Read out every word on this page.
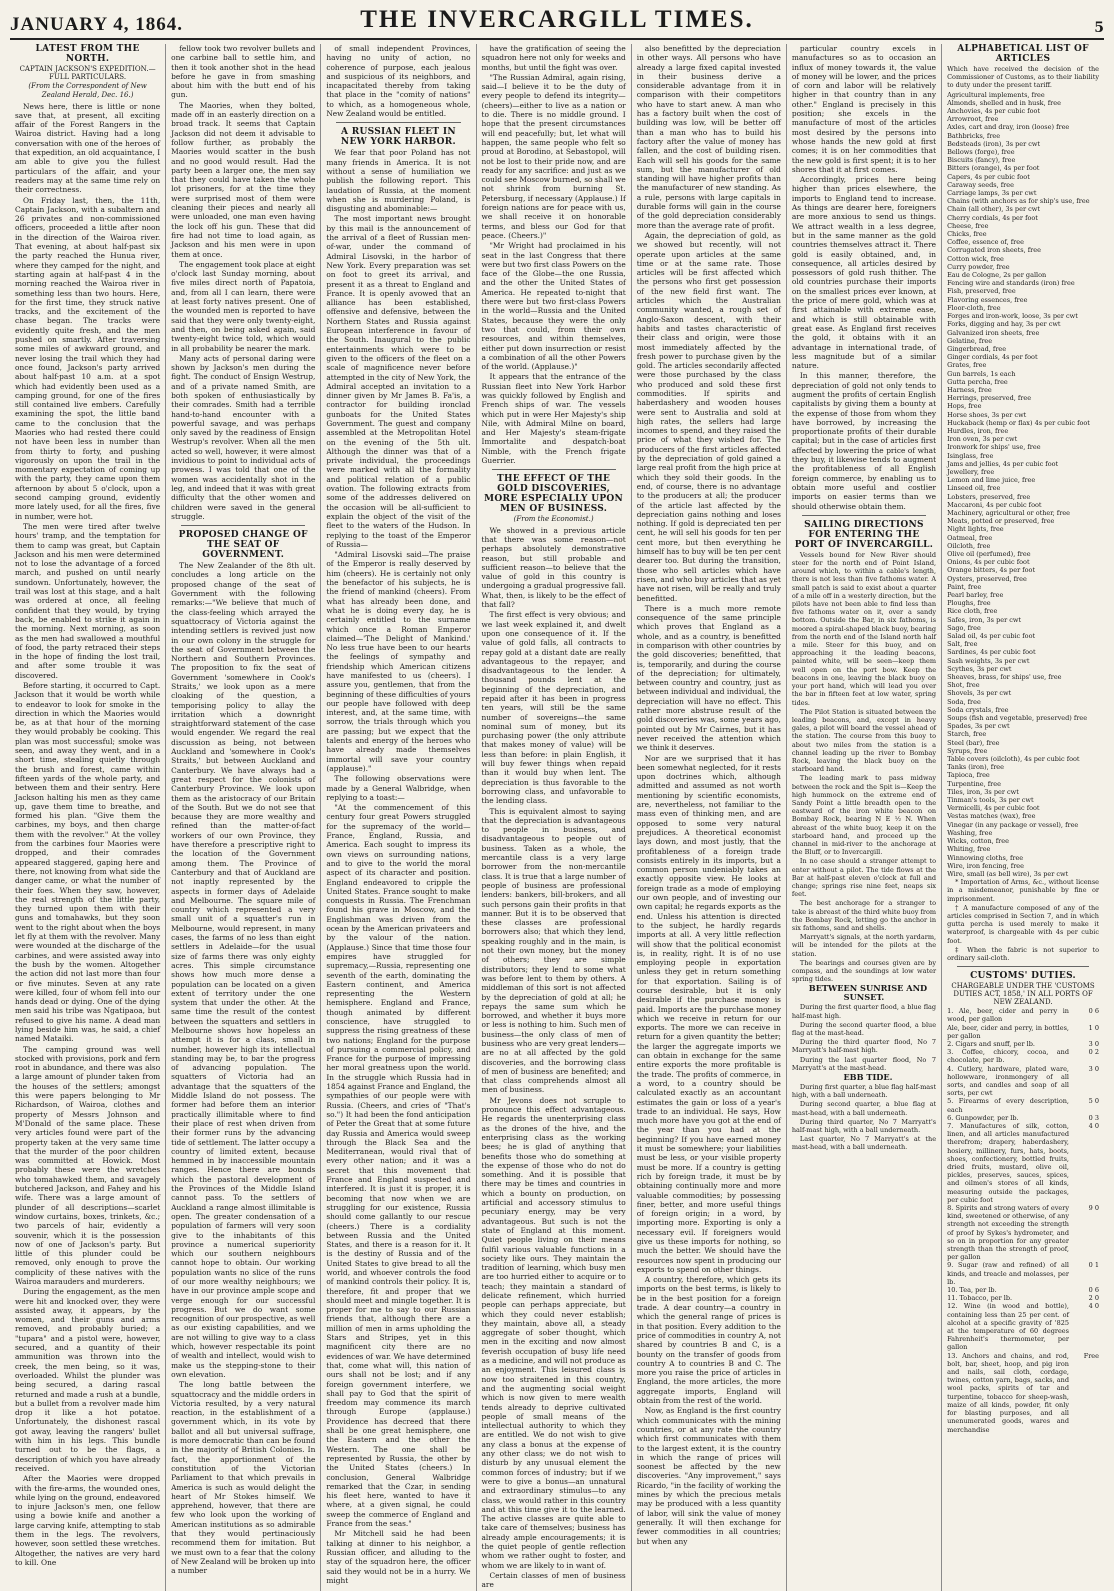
JANUARY 4, 1864.	THE INVERCARGILL TIMES.	5

LATEST FROM THE NORTH.

CAPTAIN JACKSON'S EXPEDITION.—FULL PARTICULARS.

(From the Correspondent of New Zealand Herald, Dec. 16.)

News here, there is little or none save that, at present, all exciting affair of the Forest Rangers in the Wairoa district. Having had a long conversation with one of the heroes of that expedition, an old acquaintance, I am able to give you the fullest particulars of the affair, and your readers may at the same time rely on their correctness.

On Friday last, then, the 11th, Captain Jackson, with a subaltern and 26 privates and non-commissioned officers, proceeded a little after noon in the direction of the Wairoa river. That evening, at about half-past six the party reached the Hunua river, where they camped for the night, and starting again at half-past 4 in the morning reached the Wairoa river in something less than two hours. Here, for the first time, they struck native tracks, and the excitement of the chase began. The tracks were evidently quite fresh, and the men pushed on smartly. After traversing some miles of awkward ground, and never losing the trail which they had once found, Jackson's party arrived about half-past 10 a.m. at a spot which had evidently been used as a camping ground, for one of the fires still contained live embers. Carefully examining the spot, the little band came to the conclusion that the Maories who had rested there could not have been less in number than from thirty to forty, and pushing vigorously on upon the trail in the momentary expectation of coming up with the party, they came upon them afternoon by about 5 o'clock, upon a second camping ground, evidently more lately used, for all the fires, five in number, were hot.

The men were tired after twelve hours' tramp, and the temptation for them to camp was great, but Captain Jackson and his men were determined not to lose the advantage of a forced march, and pushed on until nearly sundown. Unfortunately, however, the trail was lost at this stage, and a halt was ordered at once, all feeling confident that they would, by trying back, be enabled to strike it again in the morning. Next morning, as soon as the men had swallowed a mouthful of food, the party retraced their steps in the hope of finding the lost trail, and after some trouble it was discovered.

Before starting, it occurred to Capt. Jackson that it would be worth while to endeavor to look for smoke in the direction in which the Maories would be, as at that hour of the morning they would probably be cooking. This plan was most successful; smoke was seen, and away they went, and in a short time, stealing quietly through the brush and forest, came within fifteen yards of the whole party, and between them and their sentry. Here Jackson halting his men as they came up, gave them time to breathe, and formed his plan. "Give them the carbines, my boys, and then charge them with the revolver." At the volley from the carbines four Maories were dropped, and their comrades appeared staggered, gaping here and there, not knowing from what side the danger came, or what the number of their foes. When they saw, however, the real strength of the little party, they turned upon them with their guns and tomahawks, but they soon went to the right about when the boys let fly at them with the revolver. Many were wounded at the discharge of the carbines, and were assisted away into the bush by the women. Altogether the action did not last more than four or five minutes. Seven at any rate were killed, four of whom fell into our hands dead or dying. One of the dying men said his tribe was Ngatipaoa, but refused to give his name. A dead man lying beside him was, he said, a chief named Mataiki.

The camping ground was well stocked with provisions, pork and fern root in abundance, and there was also a large amount of plunder taken from the houses of the settlers; amongst this were papers belonging to Mr Richardson, of Wairoa, clothes and property of Messrs Johnson and M'Donald of the same place. These very articles found were part of the property taken at the very same time that the murder of the poor children was committed at Howick. Most probably these were the wretches who tomahawked them, and savagely butchered Jackson, and Fahey and his wife. There was a large amount of plunder of all descriptions—scarlet window curtains, boxes, trinkets, &c.; two parcels of hair, evidently a souvenir, which it is the possession now of one of Jackson's party. But little of this plunder could be removed, only enough to prove the complicity of these natives with the Wairoa marauders and murderers.

During the engagement, as the men were hit and knocked over, they were assisted away, it appears, by the women, and their guns and arms removed, and probably buried; a "tupara" and a pistol were, however, secured, and a quantity of their ammunition was thrown into the creek, the men being, so it was, overloaded. Whilst the plunder was being secured, a daring rascal returned and made a rush at a bundle, but a bullet from a revolver made him drop it like a hot potatoe. Unfortunately, the dishonest rascal got away, leaving the rangers' bullet with him in his legs. This bundle turned out to be the flags, a description of which you have already received.

After the Maories were dropped with the fire-arms, the wounded ones, while lying on the ground, endeavored to injure Jackson's men, one fellow using a bowie knife and another a large carving knife, attempting to stab them in the legs. The revolvers, however, soon settled these wretches. Altogether, the natives are very hard to kill. One

fellow took two revolver bullets and one carbine ball to settle him, and then it took another shot in the head before he gave in from smashing about him with the butt end of his gun.

The Maories, when they bolted, made off in an easterly direction on a broad track. It seems that Captain Jackson did not deem it advisable to follow further, as probably the Maories would scatter in the bush and no good would result. Had the party been a larger one, the men say that they could have taken the whole lot prisoners, for at the time they were surprised most of them were cleaning their pieces and nearly all were unloaded, one man even having the lock off his gun. These that did fire had not time to load again, as Jackson and his men were in upon them at once.

The engagement took place at eight o'clock last Sunday morning, about five miles direct north of Papatoia, and, from all I can learn, there were at least forty natives present. One of the wounded men is reported to have said that they were only twenty-eight, and then, on being asked again, said twenty-eight twice told, which would in all probability be nearer the mark.

Many acts of personal daring were shown by Jackson's men during the fight. The conduct of Ensign Westrup, and of a private named Smith, are both spoken of enthusiastically by their comrades. Smith had a terrible hand-to-hand encounter with a powerful savage, and was perhaps only saved by the readiness of Ensign Westrup's revolver. When all the men acted so well, however, it were almost invidious to point to individual acts of prowess. I was told that one of the women was accidentally shot in the leg, and indeed that it was with great difficulty that the other women and children were saved in the general struggle.

PROPOSED CHANGE OF THE SEAT OF GOVERNMENT.

The New Zealander of the 8th ult. concludes a long article on the proposed change of the seat of Government with the following remarks:—"We believe that much of the class-feeling which arrayed the squattocracy of Victoria against the intending settlers is revived just now in our own colony in the struggle for the seat of Government between the Northern and Southern Provinces. The proposition to fix the seat of Government 'somewhere in Cook's Straits,' we look upon as a mere cloaking of the question, a temporising policy to allay the irritation which a downright straightforward statement of the case would engender. We regard the real discussion as being, not between Auckland and 'somewhere in Cook's Straits,' but between Auckland and Canterbury. We have always had a great respect for the colonists of Canterbury Province. We look upon them as the aristocracy of our Britain of the South. But we do not see that because they are more wealthy and refined than the matter-of-fact workers of our own Province, they have therefore a prescriptive right to the location of the Government among them. The Province of Canterbury and that of Auckland are not inaptly represented by the aspects in former days of Adelaide and Melbourne. The square mile of country which represented a very small unit of a squatter's run in Melbourne, would represent, in many cases, the farms of no less than eight settlers in Adelaide—for the usual size of farms there was only eighty acres. This simple circumstance shows how much more dense a population can be located on a given extent of territory under the one system that under the other. At the same time the result of the contest between the squatters and settlers in Melbourne shows how hopeless an attempt it is for a class, small in number, however high its intellectual standing may be, to bar the progress of advancing population. The squatters of Victoria had an advantage that the squatters of the Middle Island do not possess. The former had before them an interior practically illimitable where to find their place of rest when driven from their former runs by the advancing tide of settlement. The latter occupy a country of limited extent, because hemmed in by inaccessible mountain ranges. Hence there are bounds which the pastoral development of the Provinces of the Middle Island cannot pass. To the settlers of Auckland a range almost illimitable is open. The greater condensation of a population of farmers will very soon give to the inhabitants of this province a numerical superiority which our southern neighbours cannot hope to obtain. Our working population wants no slice of the runs of our more wealthy neighbours; we have in our province ample scope and verge enough for our successful progress. But we do want some recognition of our prospective, as well as our existing capabilities, and we are not willing to give way to a class which, however respectable its point of wealth and intellect, would wish to make us the stepping-stone to their own elevation.

The long battle between the squattocracy and the middle orders in Victoria resulted, by a very natural reaction, in the establishment of a government which, in its vote by ballot and all but universal suffrage, is more democratic than can be found in the majority of British Colonies. In fact, the apportionment of the constitution of the Victorian Parliament to that which prevails in America is such as would delight the heart of Mr Stokes himself. We apprehend, however, that there are few who look upon the working of American institutions as so admirable that they would pertinaciously recommend them for imitation. But we must own to a fear that the colony of New Zealand will be broken up into a number

of small independent Provinces, having no unity of action, no coherence of purpose, each jealous and suspicious of its neighbors, and incapacitated thereby from taking that place in the "comity of nations" to which, as a homogeneous whole, New Zealand would be entitled.

A RUSSIAN FLEET IN NEW YORK HARBOR.

We fear that poor Poland has not many friends in America. It is not without a sense of humiliation we publish the following report. This laudation of Russia, at the moment when she is murdering Poland, is disgusting and abominable:—

The most important news brought by this mail is the announcement of the arrival of a fleet of Russian men-of-war, under the command of Admiral Lisovski, in the harbor of New York. Every preparation was set on foot to greet its arrival, and present it as a threat to England and France. It is openly avowed that an alliance has been established, offensive and defensive, between the Northern States and Russia against European interference in favour of the South. Inaugural to the public entertainments which were to be given to the officers of the fleet on a scale of magnificence never before attempted in the city of New York, the Admiral accepted an invitation to a dinner given by Mr James B. Fa'is, a contractor for building ironclad gunboats for the United States Government. The guest and company assembled at the Metropolitan Hotel on the evening of the 5th ult. Although the dinner was that of a private individual, the proceedings were marked with all the formality and political relation of a public ovation. The following extracts from some of the addresses delivered on the occasion will be all-sufficient to explain the object of the visit of the fleet to the waters of the Hudson. In replying to the toast of the Emperor of Russia—

"Admiral Lisovski said—The praise of the Emperor is really deserved by him (cheers). He is certainly not only the benefactor of his subjects, he is the friend of mankind (cheers). From what has already been done, and what he is doing every day, he is certainly entitled to the surname which once a Roman Emperor claimed—'The Delight of Mankind.' No less true have been to our hearts the feelings of sympathy and friendship which American citizens have manifested to us (cheers). I assure you, gentlemen, that from the beginning of these difficulties of yours our people have followed with deep interest, and, at the same time, with sorrow, the trials through which you are passing; but we expect that the talents and energy of the heroes who have already made themselves immortal will save your country (applause)."

The following observations were made by a General Walbridge, when replying to a toast:—

"At the commencement of this century four great Powers struggled for the supremacy of the world—France, England, Russia, and America. Each sought to impress its own views on surrounding nations, and to give to the world the moral aspect of its character and position. England endeavored to cripple the United States. France sought to make conquests in Russia. The Frenchman found his grave in Moscow, and the Englishman was driven from the ocean by the American privateers and by the valour of the nation. (Applause.) Since that time those four empires have struggled for supremacy,—Russia, representing one seventh of the earth, dominating the Eastern continent, and America representing the Western hemisphere. England and France, though animated by different conscience, have struggled to suppress the rising greatness of these two nations; England for the purpose of pursuing a commercial policy, and France for the purpose of impressing her moral greatness upon the world. In the struggle which Russia had in 1854 against France and England, the sympathies of our people were with Russia. (Cheers, and cries of "That's so.") It had been the fond anticipation of Peter the Great that at some future day Russia and America would sweep through the Black Sea and the Mediterranean, would rival that of every other nation; and it was a secret that this movement that France and England suspected and interfered. It is just it is proper, it is becoming that now when we are struggling for our existence, Russia should come gallantly to our rescue (cheers.) There is a cordiality between Russia and the United States, and there is a reason for it. It is the destiny of Russia and of the United States to give bread to all the world, and whoever controls the food of mankind controls their policy. It is, therefore, fit and proper that we should meet and mingle together. It is proper for me to say to our Russian friends that, although there are a million of men in arms upholding the Stars and Stripes, yet in this magnificent city there are no evidences of war. We have determined that, come what will, this nation of ours shall not be lost; and if any foreign government interfere, we shall pay to God that the spirit of freedom may commence its march through Europe (applause.) Providence has decreed that there shall be one great hemisphere, one the Eastern and the other the Western. The one shall be represented by Russia, the other by the United States (cheers.) In conclusion, General Walbridge remarked that the Czar, in sending his fleet here, wanted to have it where, at a given signal, he could sweep the commerce of England and France from the seas."

Mr Mitchell said he had been talking at dinner to his neighbor, a Russian officer, and alluding to the stay of the squadron here, the officer said they would not be in a hurry. We might

have the gratification of seeing the squadron here not only for weeks and months, but until the fight was over.

"The Russian Admiral, again rising, said—I believe it to be the duty of every people to defend its integrity—(cheers)—either to live as a nation or to die. There is no middle ground. I hope that the present circumstances will end peacefully; but, let what will happen, the same people who felt so proud at Borodino, at Sebastopol, will not be lost to their pride now, and are ready for any sacrifice: and just as we could see Moscow burned, so shall we not shrink from burning St. Petersburg, if necessary (Applause.) If foreign nations are for peace with us, we shall receive it on honorable terms, and bless our God for that peace. (Cheers.)"

"Mr Wright had proclaimed in his seat in the last Congress that there were but two first class Powers on the face of the Globe—the one Russia, and the other the United States of America. He repeated to-night that there were but two first-class Powers in the world—Russia and the United States, because they were the only two that could, from their own resources, and within themselves, either put down insurrection or resist a combination of all the other Powers of the world. (Applause.)"

It appears that the entrance of the Russian fleet into New York Harbor was quickly followed by English and French ships of war. The vessels which put in were Her Majesty's ship Nile, with Admiral Milne on board, and Her Majesty's steam-frigate Immortalite and despatch-boat Nimble, with the French frigate Guerrier.

THE EFFECT OF THE GOLD DISCOVERIES, MORE ESPECIALLY UPON MEN OF BUSINESS.

(From the Economist.)

We showed in a previous article that there was some reason—not perhaps absolutely demonstrative reason, but still probable and sufficient reason—to believe that the value of gold in this country is undergoing a gradual progressive fall. What, then, is likely to be the effect of that fall?

The first effect is very obvious; and we last week explained it, and dwelt upon one consequence of it. If the value of gold falls, all contracts to repay gold at a distant date are really advantageous to the repayer, and disadvantageous to the lender. A thousand pounds lent at the beginning of the depreciation, and repaid after it has been in progress ten years, will still be the same number of sovereigns—the same nominal sum of money, but its purchasing power (the only attribute that makes money of value) will be less than before: in plain English, it will buy fewer things when repaid than it would buy when lent. The depreciation is thus favorable to the borrowing class, and unfavorable to the lending class.

This is equivalent almost to saying that the depreciation is advantageous to people in business, and disadvantageous to people out of business. Taken as a whole, the mercantile class is a very large borrower from the non-mercantile class. It is true that a large number of people of business are professional lenders: bankers, bill-brokers, and all such persons gain their profits in that manner. But it is to be observed that these classes are professional borrowers also; that which they lend, speaking roughly and in the main, is not their own money, but the money of others; they are simple distributors; they lend to some what was before lent to them by others. A middleman of this sort is not affected by the depreciation of gold at all; he repays the same sum which he borrowed, and whether it buys more or less is nothing to him. Such men of business—the only class of men of business who are very great lenders—are no at all affected by the gold discoveries, and the borrowing class of men of business are benefited; and that class comprehends almost all men of business.

Mr Jevons does not scruple to pronounce this effect advantageous. He regards the unenterprising class as the drones of the hive, and the enterprising class as the working bees; he is glad of anything that benefits those who do something at the expense of those who do not do something. And it is possible that there may be times and countries in which a bounty on production, on artificial and accessory stimulus to pecuniary energy, may be very advantageous. But such is not the state of England at this moment. Quiet people living on their means fulfil various valuable functions in a society like ours. They maintain the tradition of learning, which busy men are too hurried either to acquire or to teach; they maintain a standard of delicate refinement, which hurried people can perhaps appreciate, but which they could never establish; they maintain, above all, a steady aggregate of sober thought, which men in the exciting and now almost feverish occupation of busy life need as a medicine, and will not produce as an enjoyment. This leisured class is now too straitened in this country, and the augmenting social weight which is now given to mere wealth tends already to deprive cultivated people of small means of the intellectual authority to which they are entitled. We do not wish to give any class a bonus at the expense of any other class; we do not wish to disturb by any unusual element the common forces of industry; but if we were to give a bonus—an unnatural and extraordinary stimulus—to any class, we would rather in this country and at this time give it to the learned. The active classes are quite able to take care of themselves; business has already ample encouragements; it is the quiet people of gentle reflection whom we rather ought to foster, and whom we are likely to in want of.

Certain classes of men of business are

also benefitted by the depreciation in other ways. All persons who have already a large fixed capital invested in their business derive a considerable advantage from it in comparison with their competitors who have to start anew. A man who has a factory built when the cost of building was low, will be better off than a man who has to build his factory after the value of money has fallen, and the cost of building risen. Each will sell his goods for the same sum, but the manufacturer of old standing will have higher profits than the manufacturer of new standing. As a rule, persons with large capitals in durable forms will gain in the course of the gold depreciation considerably more than the average rate of profit.

Again, the depreciation of gold, as we showed but recently, will not operate upon articles at the same time or at the same rate. Those articles will be first affected which the persons who first get possession of the new field first want. The articles which the Australian community wanted, a rough set of Anglo-Saxon descent, with their habits and tastes characteristic of their class and origin, were those most immediately affected by the fresh power to purchase given by the gold. The articles secondarily affected were those purchased by the class who produced and sold these first commodities. If spirits and haberdashery and wooden houses were sent to Australia and sold at high rates, the sellers had large incomes to spend, and they raised the price of what they wished for. The producers of the first articles affected by the depreciation of gold gained a large real profit from the high price at which they sold their goods. In the end, of course, there is no advantage to the producers at all; the producer of the article last affected by the depreciation gains nothing and loses nothing. If gold is depreciated ten per cent, he will sell his goods for ten per cent more, but then everything he himself has to buy will be ten per cent dearer too. But during the transition, those who sell articles which have risen, and who buy articles that as yet have not risen, will be really and truly benefitted.

There is a much more remote consequence of the same principle which proves that England as a whole, and as a country, is benefitted in comparison with other countries by the gold discoveries; benefitted, that is, temporarily, and during the course of the depreciation; for ultimately, between country and country, just as between individual and individual, the depreciation will have no effect. This rather more abstruse result of the gold discoveries was, some years ago, pointed out by Mr Cairnes, but it has never received the attention which we think it deserves.

Nor are we surprised that it has been somewhat neglected, for it rests upon doctrines which, although admitted and assumed as not worth mentioning by scientific economists, are, nevertheless, not familiar to the mass even of thinking men, and are opposed to some very natural prejudices. A theoretical economist lays down, and most justly, that the profitableness of a foreign trade consists entirely in its imports, but a common person undeniably takes an exactly opposite view. He looks at foreign trade as a mode of employing our own people, and of investing our own capital; he regards exports as the end. Unless his attention is directed to the subject, he hardly regards imports at all. A very little reflection will show that the political economist is, in reality, right. It is of no use employing people in exportation unless they get in return something for that exportation. Sailing is of course desirable, but it is only desirable if the purchase money is paid. Imports are the purchase money which we receive in return for our exports. The more we can receive in return for a given quantity the better; the larger the aggregate imports we can obtain in exchange for the same entire exports the more profitable is the trade. The profits of commerce, in a word, to a country should be calculated exactly as an accountant estimates the gain or loss of a year's trade to an individual. He says, How much more have you got at the end of the year than you had at the beginning? If you have earned money it must be somewhere; your liabilities must be less, or your visible property must be more. If a country is getting rich by foreign trade, it must be by obtaining continually more and more valuable commodities; by possessing finer, better, and more useful things of foreign origin; in a word, by importing more. Exporting is only a necessary evil. If foreigners would give us these imports for nothing, so much the better. We should have the resources now spent in producing our exports to spend on other things.

A country, therefore, which gets its imports on the best terms, is likely to be in the best position for a foreign trade. A dear country—a country in which the general range of prices is in that position. Every addition to the price of commodities in country A, not shared by countries B and C, is a bounty on the transfer of goods from country A to countries B and C. The more you raise the price of articles in England, the more articles, the more aggregate imports, England will obtain from the rest of the world.

Now, as England is the first country which communicates with the mining countries, or at any rate the country which first communicates with them to the largest extent, it is the country in which the range of prices will soonest be affected by the new discoveries. "Any improvement," says Ricardo, "in the facility of working the mines by which the precious metals may be produced with a less quantity of labor, will sink the value of money generally. It will then exchange for fewer commodities in all countries; but when any

particular country excels in manufactures so as to occasion an influx of money towards it, the value of money will be lower, and the prices of corn and labor will be relatively higher in that country than in any other." England is precisely in this position; she excels in the manufacture of most of the articles most desired by the persons into whose hands the new gold at first comes; it is on her commodities that the new gold is first spent; it is to her shores that it at first comes.

Accordingly, prices here being higher than prices elsewhere, the imports to England tend to increase. As things are dearer here, foreigners are more anxious to send us things. We attract wealth in a less degree, but in the same manner as the gold countries themselves attract it. There gold is easily obtained, and, in consequence, all articles desired by possessors of gold rush thither. The old countries purchase their imports on the smallest prices ever known, at the price of mere gold, which was at first attainable with extreme ease, and which is still obtainable with great ease. As England first receives the gold, it obtains with it an advantage in international trade, of less magnitude but of a similar nature.

In this manner, therefore, the depreciation of gold not only tends to augment the profits of certain English capitalists by giving them a bounty at the expense of those from whom they have borrowed, by increasing the proportionate profits of their durable capital; but in the case of articles first affected by lowering the price of what they buy, it likewise tends to augment the profitableness of all English foreign commerce, by enabling us to obtain more useful and costlier imports on easier terms than we should otherwise obtain them.

SAILING DIRECTIONS FOR ENTERING THE PORT OF INVERCARGILL.

Vessels bound for New River should steer for the north end of Point Island, around which, to within a cable's length, there is not less than five fathoms water. A small patch is said to exist about a quarter of a mile off in a westerly direction, but the pilots have not been able to find less than five fathoms water on it, over a sandy bottom. Outside the Bar, in six fathoms, is moored a spiral-shaped black buoy, bearing from the north end of the Island north half a mile. Steer for this buoy, and on approaching it the leading beacons, painted white, will be seen—keep them well open on the port bow. Keep the beacons in one, leaving the black buoy on your port hand, which will lead you over the bar in fifteen feet at low water, spring tides.

The Pilot Station is situated between the leading beacons, and, except in heavy gales, a pilot will board the vessel ahead of the station. The course from this buoy to about two miles from the station is a channel leading up the river to Bombay Rock, leaving the black buoy on the starboard hand.

The leading mark to pass midway between the rock and the Spit is—Keep the high hummock on the extreme end of Sandy Point a little breadth open to the eastward of the iron white beacon on Bombay Rock, bearing N E ½ N. When abreast of the white buoy, keep it on the starboard hand, and proceed up the channel in mid-river to the anchorage at the Bluff, or to Invercargill.

In no case should a stranger attempt to enter without a pilot. The tide flows at the Bar at half-past eleven o'clock at full and change; springs rise nine feet, neaps six feet.

The best anchorage for a stranger to take is abreast of the third white buoy from the Bombay Rock, letting go the anchor in six fathoms, sand and shells.

Marryatt's signals, at the north yardarm, will be intended for the pilots at the station.

The bearings and courses given are by compass, and the soundings at low water spring tides.

BETWEEN SUNRISE AND SUNSET.

During the first quarter flood, a blue flag half-mast high.

During the second quarter flood, a blue flag at the mast-head.

During the third quarter flood, No 7 Marryatt's half-mast high.

During the last quarter flood, No 7 Marryatt's at the mast-head.

EBB TIDE.

During first quarter, a blue flag half-mast high, with a ball underneath.

During second quarter, a blue flag at mast-head, with a ball underneath.

During third quarter, No 7 Marryatt's half-mast high, with a ball underneath.

Last quarter, No 7 Marryatt's at the mast-head, with a ball underneath.

ALPHABETICAL LIST OF ARTICLES

Which have received the decision of the Commissioner of Customs, as to their liability to duty under the present tariff.

Agricultural implements, free

Almonds, shelled and in husk, free

Anchovies, 4s per cubic foot

Arrowroot, free

Axles, cart and dray, iron (loose) free

Bathbricks, free

Bedsteads (iron), 3s per cwt

Bellows (forge), free

Biscuits (fancy), free

Bitters (orange), 4s per foot

Capers, 4s per cubic foot

Caraway seeds, free

Carriage lamps, 3s per cwt

Chains (with anchors as for ship's use, free

Chain (all other), 3s per cwt

Cherry cordials, 4s per foot

Cheese, free

Chicks, free

Coffee, essence of, free

Corrugated iron sheets, free

Cotton wick, free

Curry powder, free

Eau de Cologne, 2s per gallon

Fencing wire and standards (iron) free

Fish, preserved, free

Flavoring essences, free

Floor-cloth, free

Forges and iron-work, loose, 3s per cwt

Forks, digging and hay, 3s per cwt

Galvanized iron sheets, free

Gelatine, free

Gingerbread, free

Ginger cordials, 4s per foot

Grates, free

Gun barrels, 1s each

Gutta percha, free

Harness, free

Herrings, preserved, free

Hops, free

Horse shoes, 3s per cwt

Huckaback (hemp or flax) 4s per cubic foot

Hurdles, iron, free

Iron oven, 3s per cwt

Ironwork for ships' use, free

Isinglass, free

Jams and jellies, 4s per cubic foot

Jewellery, free

Lemon and lime juice, free

Linseed oil, free

Lobsters, preserved, free

Maccaroni, 4s per cubic foot

Machinery, agricultural or other, free

Meats, potted or preserved, free

Night lights, free

Oatmeal, free

Oilcloth, free

Olive oil (perfumed), free

Onions, 4s per cubic foot

Orange bitters, 4s per foot

Oysters, preserved, free

Paint, free

Pearl barley, free

Ploughs, free

Rice cloth, free

Safes, iron, 3s per cwt

Sago, free

Salad oil, 4s per cubic foot

Salt, free

Sardines, 4s per cubic foot

Sash weights, 3s per cwt

Scythes, 3s per cwt

Sheaves, brass, for ships' use, free

Shot, free

Shovels, 3s per cwt

Soda, free

Soda crystals, free

Soups (fish and vegetable, preserved) free

Spades, 3s per cwt

Starch, free

Steel (bar), free

Syrups, free

Table covers (oilcloth), 4s per cubic foot

Tanks (iron), free

Tapioca, free

Turpentine, free

Tiles, iron, 3s per cwt

Tinman's tools, 3s per cwt

Vermicelli, 4s per cubic foot

Vestas matches (wax), free

Vinegar (in any package or vessel), free

Washing, free

Wicks, cotton, free

Whiting, free

Winnowing cloths, free

Wire, iron fencing, free

Wire, small (as bell wire), 3s per cwt

* Importation of Arms, &c., without license in a misdemeanor, punishable by fine or imprisonment.

† A manufacture composed of any of the articles comprised in Section 7, and in which gutta percha is used merely to make it waterproof, is chargeable with 4s per cubic foot.

‡ When the fabric is not superior to ordinary sail-cloth.

CUSTOMS' DUTIES.

CHARGEABLE UNDER THE 'CUSTOMS DUTIES ACT, 1858,' IN ALL PORTS OF NEW ZEALAND.

1. Ale, beer, cider and perry in wood, per gallon
0 6
Ale, beer, cider and perry, in bottles, per gallon
1 0
2. Cigars and snuff, per lb.	3 0
3. Coffee, chicory, cocoa, and chocolate, per lb.
0 2
4. Cutlery, hardware, plated ware, hollowware, ironmongery of all sorts, and candles and soap of all sorts, per cwt
3 0
5. Firearms of every description, each
5 0
6. Gunpowder, per lb.	0 3
7. Manufactures of silk, cotton, linen, and all articles manufactured therefrom; drapery, haberdashery, hosiery, millinery, furs, hats, boots, shoes, confectionery, bottled fruits, dried fruits, mustard, olive oil, pickles, preserves, sauces, spices, and oilmen's stores of all kinds, measuring outside the packages, per cubic foot
4 0
8. Spirits and strong waters of every kind, sweetened or otherwise, of any strength not exceeding the strength of proof by Sykes's hydrometer, and so on in proportion for any greater strength than the strength of proof, per gallon
9 0
9. Sugar (raw and refined) of all kinds, and treacle and molasses, per lb.
0 1
10. Tea, per lb.	0 6
11. Tobacco, per lb.	2 0
12. Wine (in wood and bottle), containing less than 25 per cent. of alcohol at a specific gravity of '825 at the temperature of 60 degrees Fahrenheit's thermometer, per gallon
4 0
13. Anchors and chains, and rod, bolt, bar, sheet, hoop, and pig iron and nails, sail cloth, cordage, twines, cotton yarn, bags, sacks, and wool packs, spirits of tar and turpentine, tobacco for sheep-wash, maize of all kinds, powder, fit only for blasting purposes, and all unenumerated goods, wares and merchandise
Free
